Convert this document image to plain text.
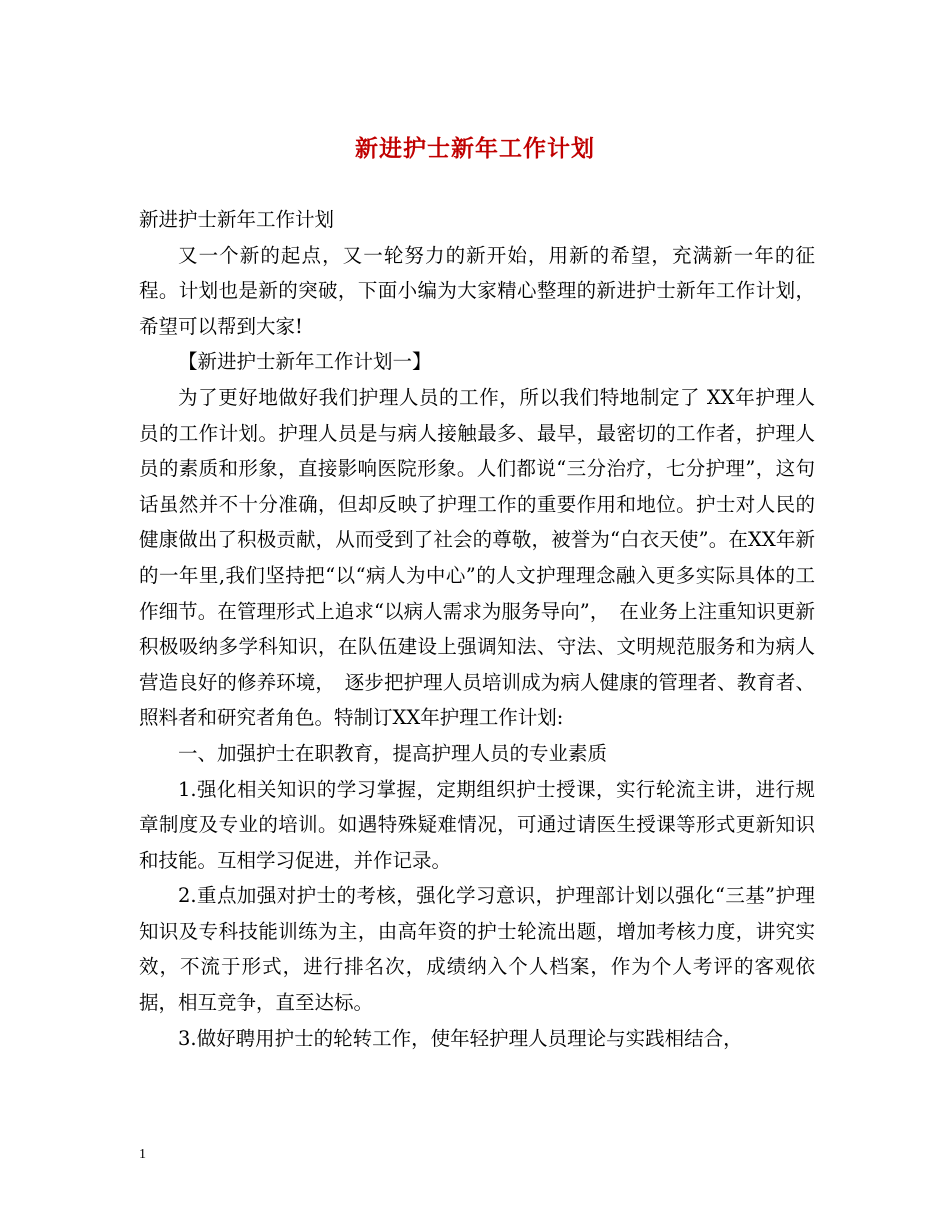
新进护士新年工作计划

新进护士新年工作计划

又一个新的起点，又一轮努力的新开始，用新的希望，充满新一年的征程。计划也是新的突破，下面小编为大家精心整理的新进护士新年工作计划，希望可以帮到大家!

【新进护士新年工作计划一】

为了更好地做好我们护理人员的工作，所以我们特地制定了 XX年护理人员的工作计划。护理人员是与病人接触最多、最早，最密切的工作者，护理人员的素质和形象，直接影响医院形象。人们都说“三分治疗，七分护理”，这句话虽然并不十分准确，但却反映了护理工作的重要作用和地位。护士对人民的健康做出了积极贡献，从而受到了社会的尊敬，被誉为“白衣天使”。在XX年新的一年里,我们坚持把“以“病人为中心”的人文护理理念融入更多实际具体的工作细节。在管理形式上追求“以病人需求为服务导向”，　在业务上注重知识更新积极吸纳多学科知识，在队伍建设上强调知法、守法、文明规范服务和为病人营造良好的修养环境，　逐步把护理人员培训成为病人健康的管理者、教育者、 照料者和研究者角色。特制订XX年护理工作计划:

一、加强护士在职教育，提高护理人员的专业素质

1.强化相关知识的学习掌握，定期组织护士授课，实行轮流主讲，进行规章制度及专业的培训。如遇特殊疑难情况，可通过请医生授课等形式更新知识和技能。互相学习促进，并作记录。

2.重点加强对护士的考核，强化学习意识，护理部计划以强化“三基”护理知识及专科技能训练为主，由高年资的护士轮流出题，增加考核力度，讲究实效，不流于形式，进行排名次，成绩纳入个人档案，作为个人考评的客观依据，相互竞争，直至达标。

3.做好聘用护士的轮转工作，使年轻护理人员理论与实践相结合，

1
